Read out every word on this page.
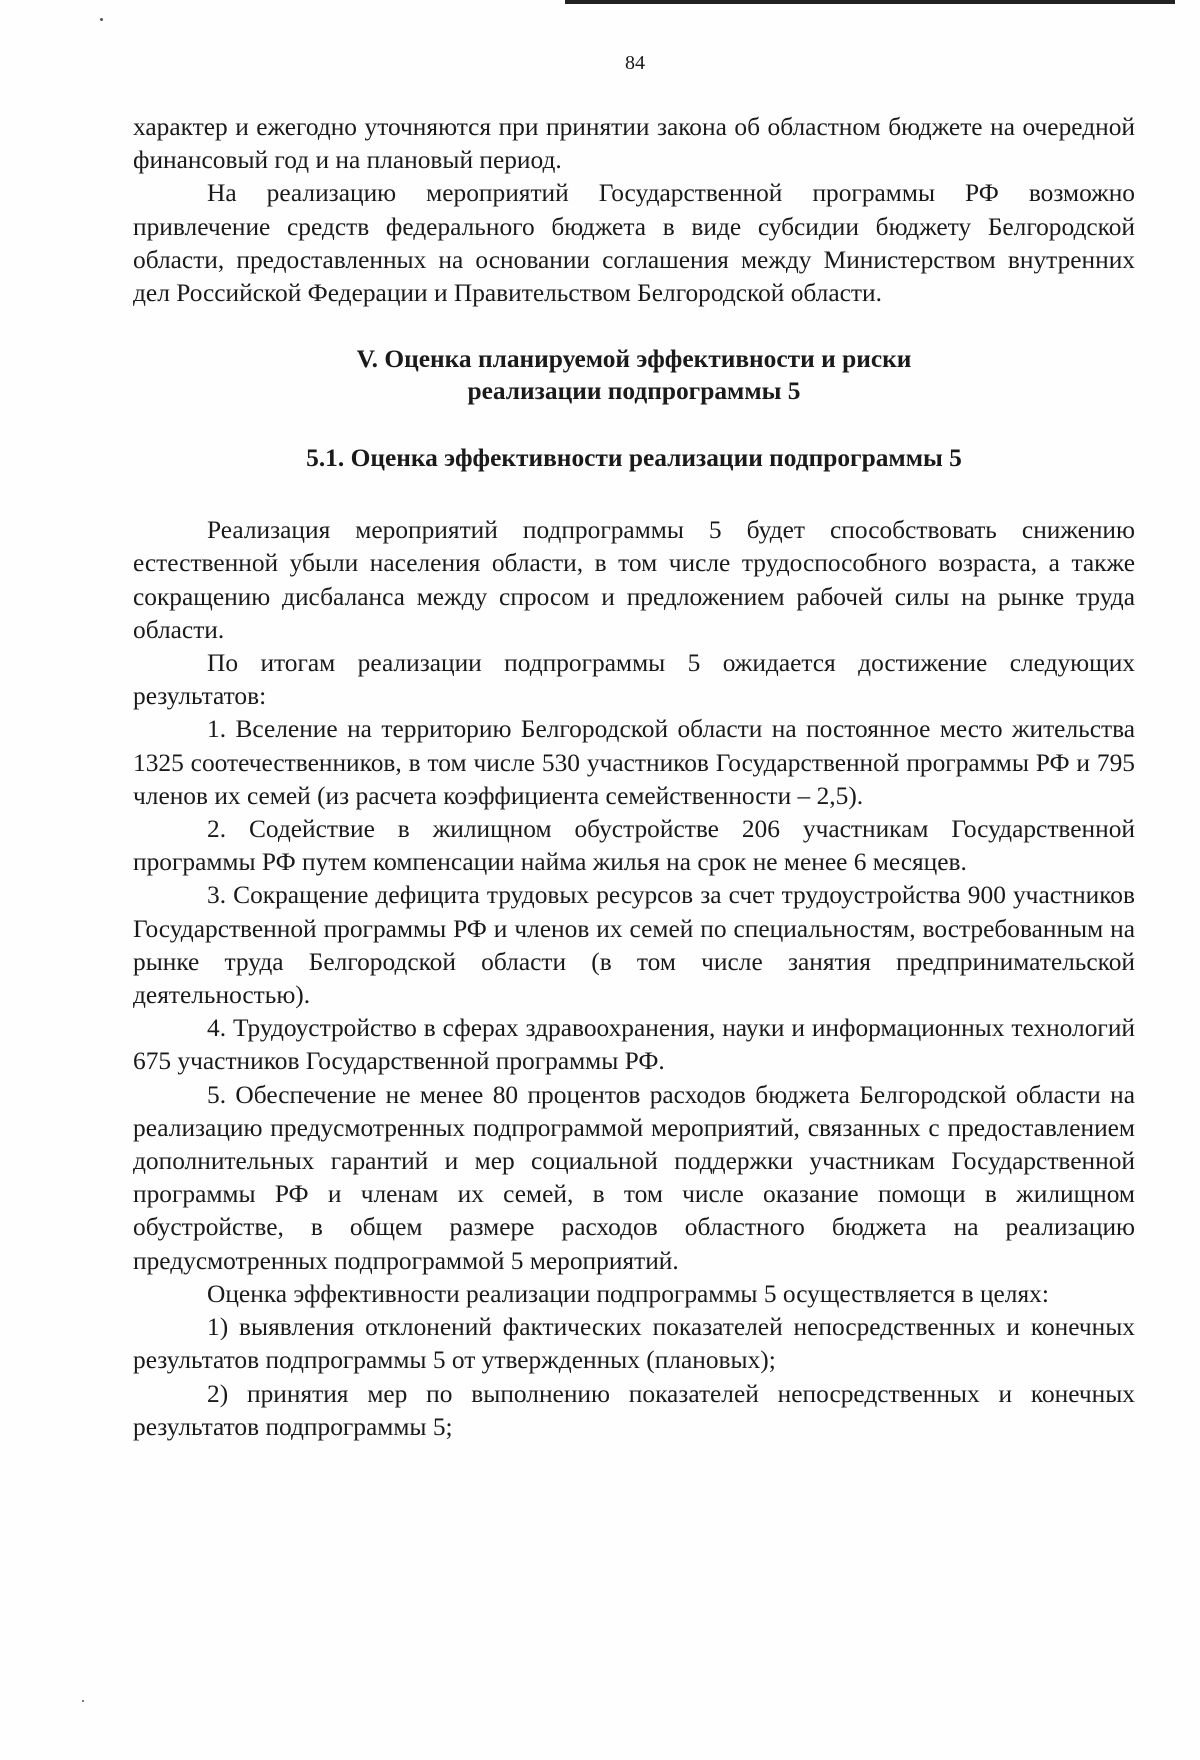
84

характер и ежегодно уточняются при принятии закона об областном бюджете на очередной финансовый год и на плановый период.

На реализацию мероприятий Государственной программы РФ возможно привлечение средств федерального бюджета в виде субсидии бюджету Белгородской области, предоставленных на основании соглашения между Министерством внутренних дел Российской Федерации и Правительством Белгородской области.

V. Оценка планируемой эффективности и риски
реализации подпрограммы 5
5.1. Оценка эффективности реализации подпрограммы 5

Реализация мероприятий подпрограммы 5 будет способствовать снижению естественной убыли населения области, в том числе трудоспособного возраста, а также сокращению дисбаланса между спросом и предложением рабочей силы на рынке труда области.

По итогам реализации подпрограммы 5 ожидается достижение следующих результатов:

1. Вселение на территорию Белгородской области на постоянное место жительства 1325 соотечественников, в том числе 530 участников Государственной программы РФ и 795 членов их семей (из расчета коэффициента семейственности – 2,5).

2. Содействие в жилищном обустройстве 206 участникам Государственной программы РФ путем компенсации найма жилья на срок не менее 6 месяцев.

3. Сокращение дефицита трудовых ресурсов за счет трудоустройства 900 участников Государственной программы РФ и членов их семей по специальностям, востребованным на рынке труда Белгородской области (в том числе занятия предпринимательской деятельностью).

4. Трудоустройство в сферах здравоохранения, науки и информационных технологий 675 участников Государственной программы РФ.

5. Обеспечение не менее 80 процентов расходов бюджета Белгородской области на реализацию предусмотренных подпрограммой мероприятий, связанных с предоставлением дополнительных гарантий и мер социальной поддержки участникам Государственной программы РФ и членам их семей, в том числе оказание помощи в жилищном обустройстве, в общем размере расходов областного бюджета на реализацию предусмотренных подпрограммой 5 мероприятий.

Оценка эффективности реализации подпрограммы 5 осуществляется в целях:

1) выявления отклонений фактических показателей непосредственных и конечных результатов подпрограммы 5 от утвержденных (плановых);

2) принятия мер по выполнению показателей непосредственных и конечных результатов подпрограммы 5;
